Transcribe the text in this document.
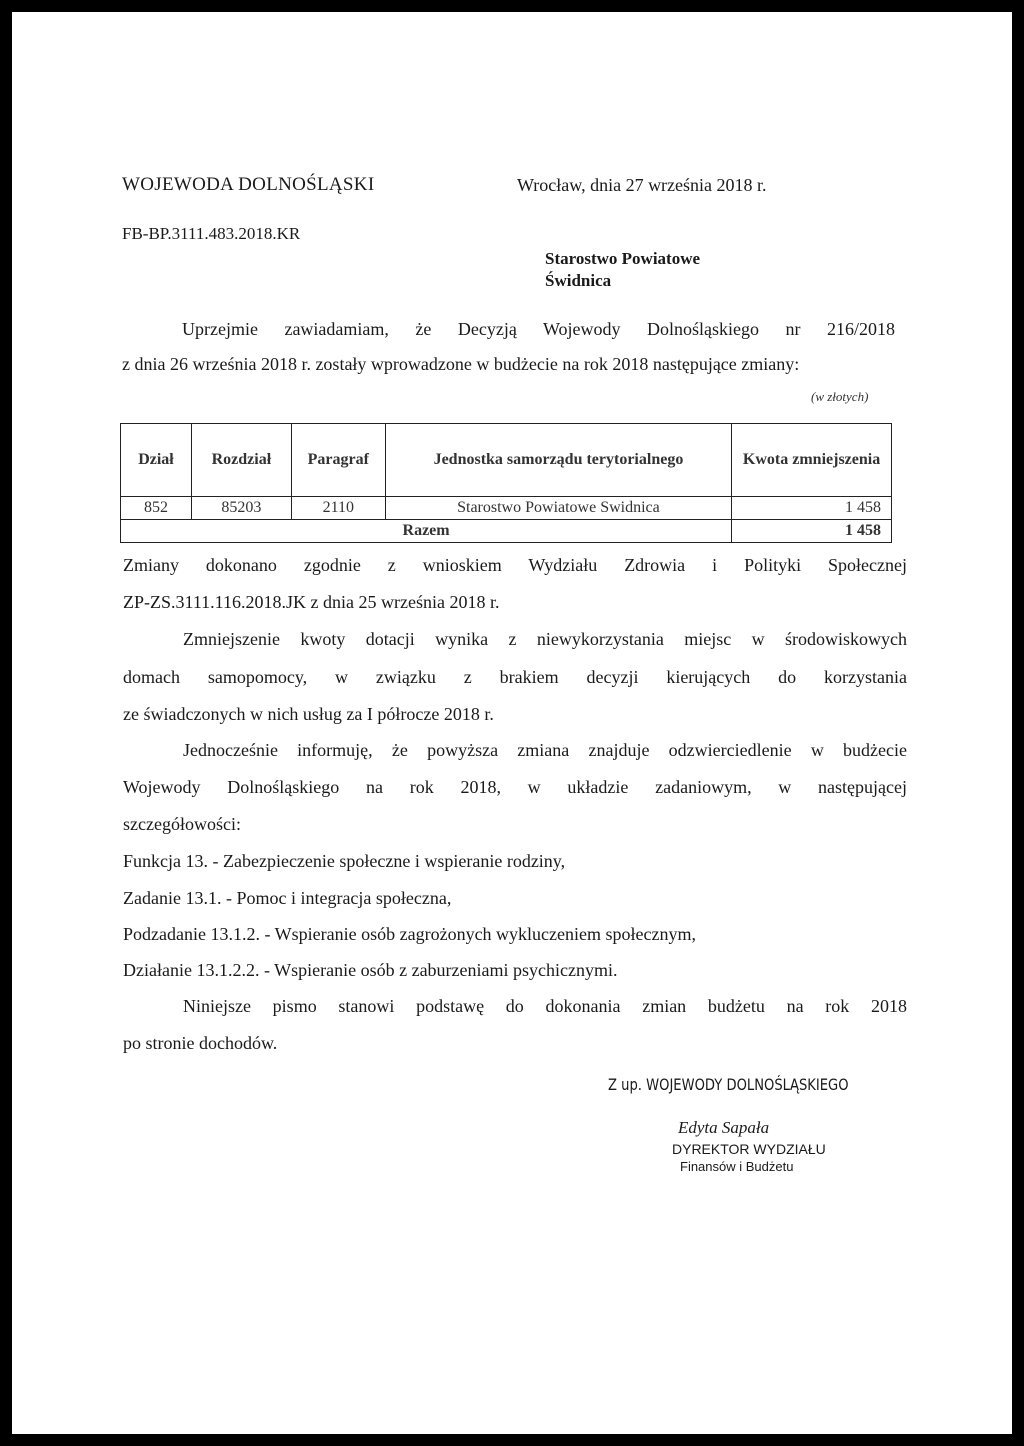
WOJEWODA DOLNOŚLĄSKI	Wrocław, dnia 27 września 2018 r.
FB-BP.3111.483.2018.KR
Starostwo Powiatowe
Świdnica
Uprzejmie zawiadamiam, że Decyzją Wojewody Dolnośląskiego nr 216/2018
z dnia 26 września 2018 r. zostały wprowadzone w budżecie na rok 2018 następujące zmiany:
(w złotych)
Dział	Rozdział	Paragraf	Jednostka samorządu terytorialnego	Kwota zmniejszenia
852	85203	2110	Starostwo Powiatowe Swidnica	1 458
Razem				1 458
Zmiany dokonano zgodnie z wnioskiem Wydziału Zdrowia i Polityki Społecznej
ZP-ZS.3111.116.2018.JK z dnia 25 września 2018 r.
Zmniejszenie kwoty dotacji wynika z niewykorzystania miejsc w środowiskowych
domach samopomocy, w związku z brakiem decyzji kierujących do korzystania
ze świadczonych w nich usług za I półrocze 2018 r.
Jednocześnie informuję, że powyższa zmiana znajduje odzwierciedlenie w budżecie
Wojewody Dolnośląskiego na rok 2018, w układzie zadaniowym, w następującej
szczegółowości:
Funkcja 13. - Zabezpieczenie społeczne i wspieranie rodziny,
Zadanie 13.1. - Pomoc i integracja społeczna,
Podzadanie 13.1.2. - Wspieranie osób zagrożonych wykluczeniem społecznym,
Działanie 13.1.2.2. - Wspieranie osób z zaburzeniami psychicznymi.
Niniejsze pismo stanowi podstawę do dokonania zmian budżetu na rok 2018
po stronie dochodów.
Z up. WOJEWODY DOLNOŚLĄSKIEGO
Edyta Sapała
DYREKTOR WYDZIAŁU
Finansów i Budżetu
